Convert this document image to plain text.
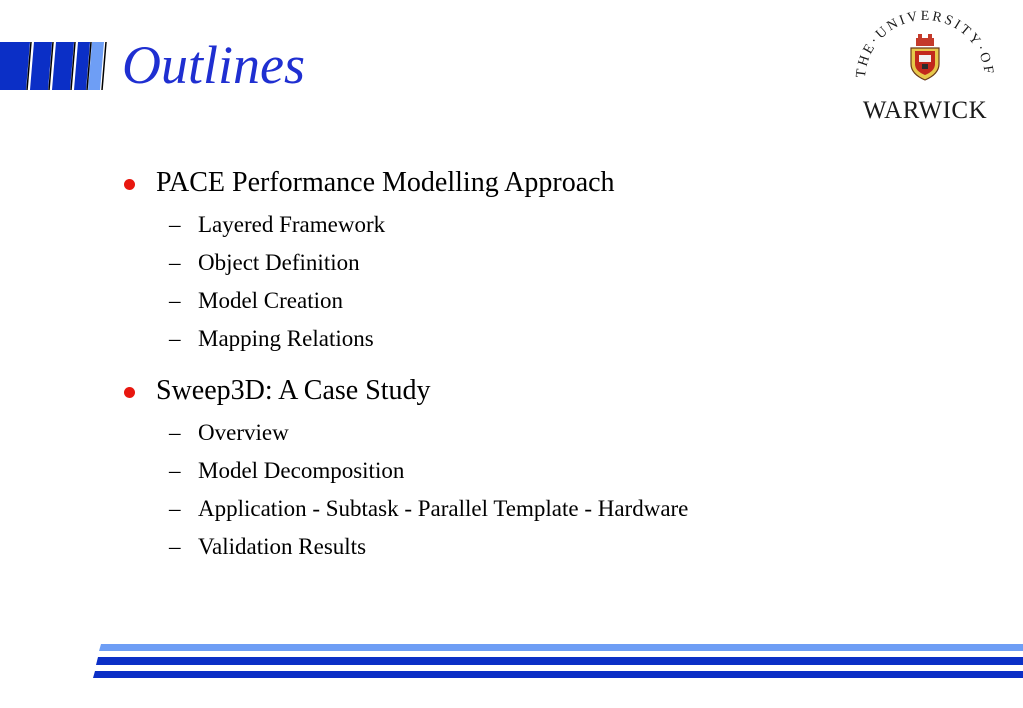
Outlines	THE·UNIVERSITY·OF
WARWICK
PACE Performance Modelling Approach
– Layered Framework
– Object Definition
– Model Creation
– Mapping Relations
Sweep3D: A Case Study
– Overview
– Model Decomposition
– Application - Subtask - Parallel Template - Hardware
– Validation Results
